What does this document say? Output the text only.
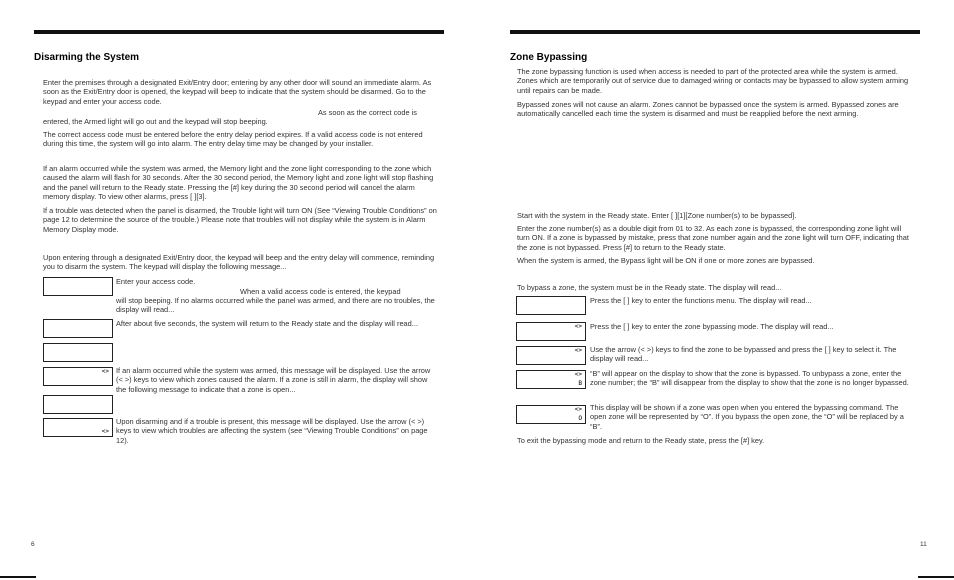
Disarming the System

Enter the premises through a designated Exit/Entry door; entering by any other door will sound an immediate alarm. As soon as the Exit/Entry door is opened, the keypad will beep to indicate that the system should be disarmed. Go to the keypad and enter your access code.

As soon as the correct code is

entered, the Armed light will go out and the keypad will stop beeping.

The correct access code must be entered before the entry delay period expires. If a valid access code is not entered during this time, the system will go into alarm. The entry delay time may be changed by your installer.

If an alarm occurred while the system was armed, the Memory light and the zone light corresponding to the zone which caused the alarm will flash for 30 seconds. After the 30 second period, the Memory light and zone light will stop flashing and the panel will return to the Ready state. Pressing the [#] key during the 30 second period will cancel the alarm memory display. To view other alarms, press [ ][3].

If a trouble was detected when the panel is disarmed, the Trouble light will turn ON (See “Viewing Trouble Conditions” on page 12 to determine the source of the trouble.) Please note that troubles will not display while the system is in Alarm Memory Display mode.

Upon entering through a designated Exit/Entry door, the keypad will beep and the entry delay will commence, reminding you to disarm the system. The keypad will display the following message...

Enter your access code.

When a valid access code is entered, the keypad

will stop beeping. If no alarms occurred while the panel was armed, and there are no troubles, the display will read...

After about five seconds, the system will return to the Ready state and the display will read...

<>

If an alarm occurred while the system was armed, this message will be displayed. Use the arrow (< >) keys to view which zones caused the alarm. If a zone is still in alarm, the display will show the following message to indicate that a zone is open...

<>

Upon disarming and if a trouble is present, this message will be displayed. Use the arrow (< >) keys to view which troubles are affecting the system (see “Viewing Trouble Conditions” on page 12).

6
Zone Bypassing

The zone bypassing function is used when access is needed to part of the protected area while the system is armed. Zones which are temporarily out of service due to damaged wiring or contacts may be bypassed to allow system arming until repairs can be made.

Bypassed zones will not cause an alarm. Zones cannot be bypassed once the system is armed. Bypassed zones are automatically cancelled each time the system is disarmed and must be reapplied before the next arming.

Start with the system in the Ready state. Enter [ ][1][Zone number(s) to be bypassed].

Enter the zone number(s) as a double digit from 01 to 32. As each zone is bypassed, the corresponding zone light will turn ON. If a zone is bypassed by mistake, press that zone number again and the zone light will turn OFF, indicating that the zone is not bypassed. Press [#] to return to the Ready state.

When the system is armed, the Bypass light will be ON if one or more zones are bypassed.

To bypass a zone, the system must be in the Ready state. The display will read...

Press the [ ] key to enter the functions menu. The display will read...

<>

Press the [ ] key to enter the zone bypassing mode. The display will read...

<>

Use the arrow (< >) keys to find the zone to be bypassed and press the [ ] key to select it. The display will read...

<>

B

“B” will appear on the display to show that the zone is bypassed. To unbypass a zone, enter the zone number; the “B” will disappear from the display to show that the zone is no longer bypassed.

<>

O

This display will be shown if a zone was open when you entered the bypassing command. The open zone will be represented by “O”. If you bypass the open zone, the “O” will be replaced by a “B”.

To exit the bypassing mode and return to the Ready state, press the [#] key.

11
